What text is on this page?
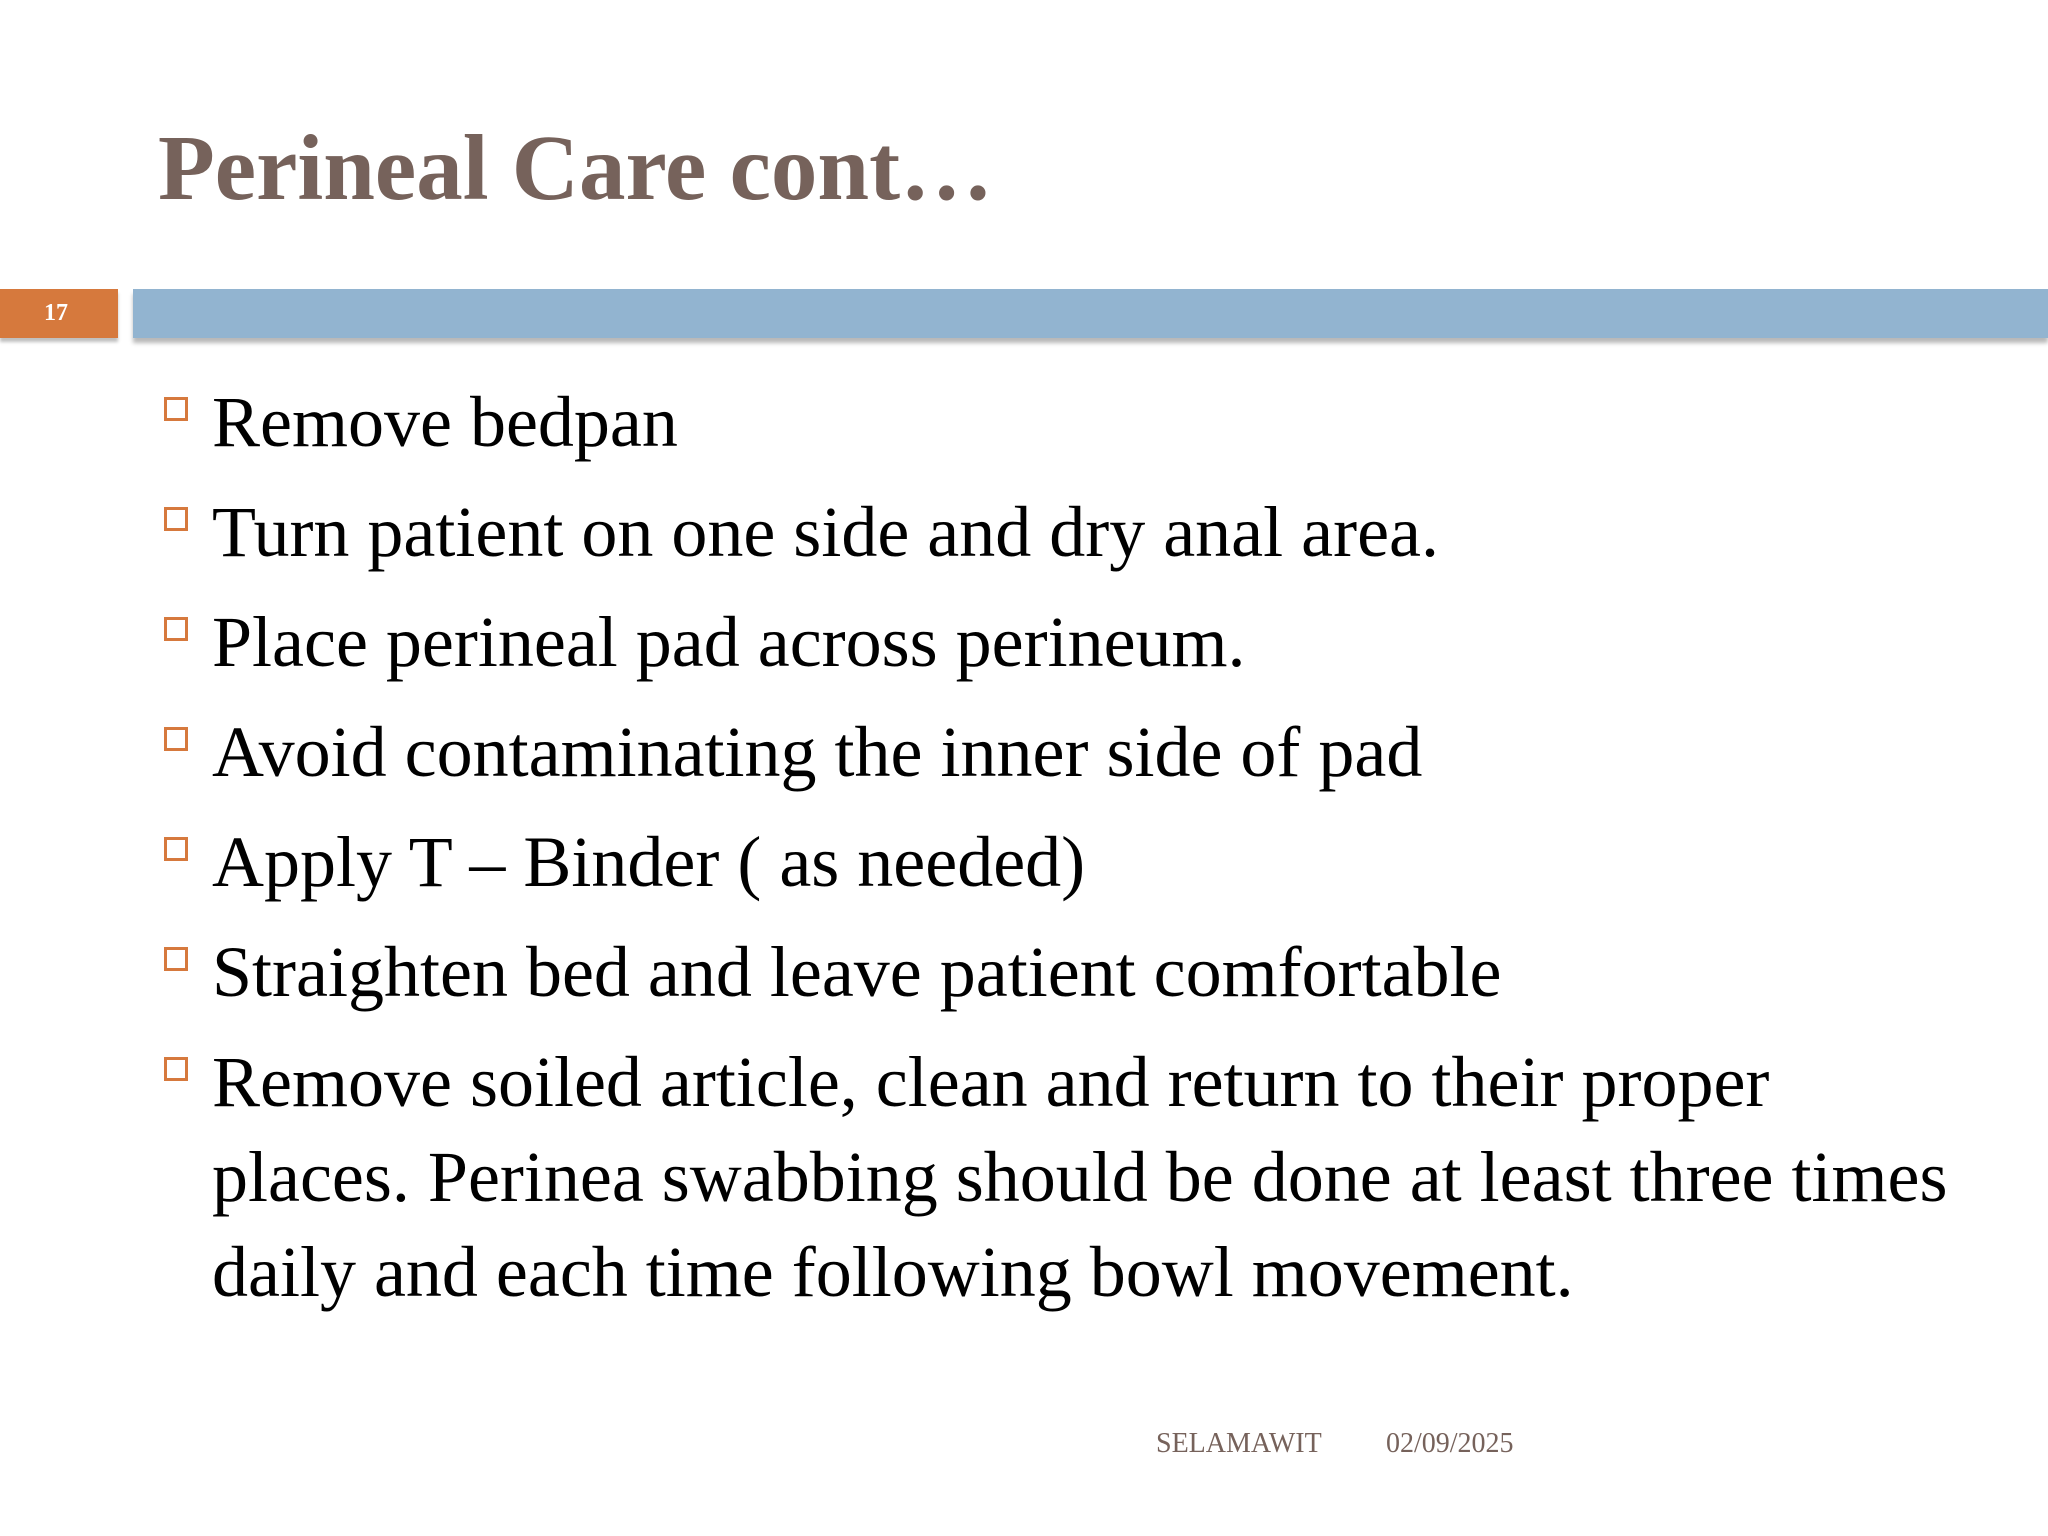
Perineal Care cont…
17
Remove bedpan
Turn patient on one side and dry anal area.
Place perineal pad across perineum.
Avoid contaminating the inner side of pad
Apply T – Binder ( as needed)
Straighten bed and leave patient comfortable
Remove soiled article, clean and return to their proper places. Perinea swabbing should be done at least three times daily and each time following bowl movement.
SELAMAWIT 02/09/2025
